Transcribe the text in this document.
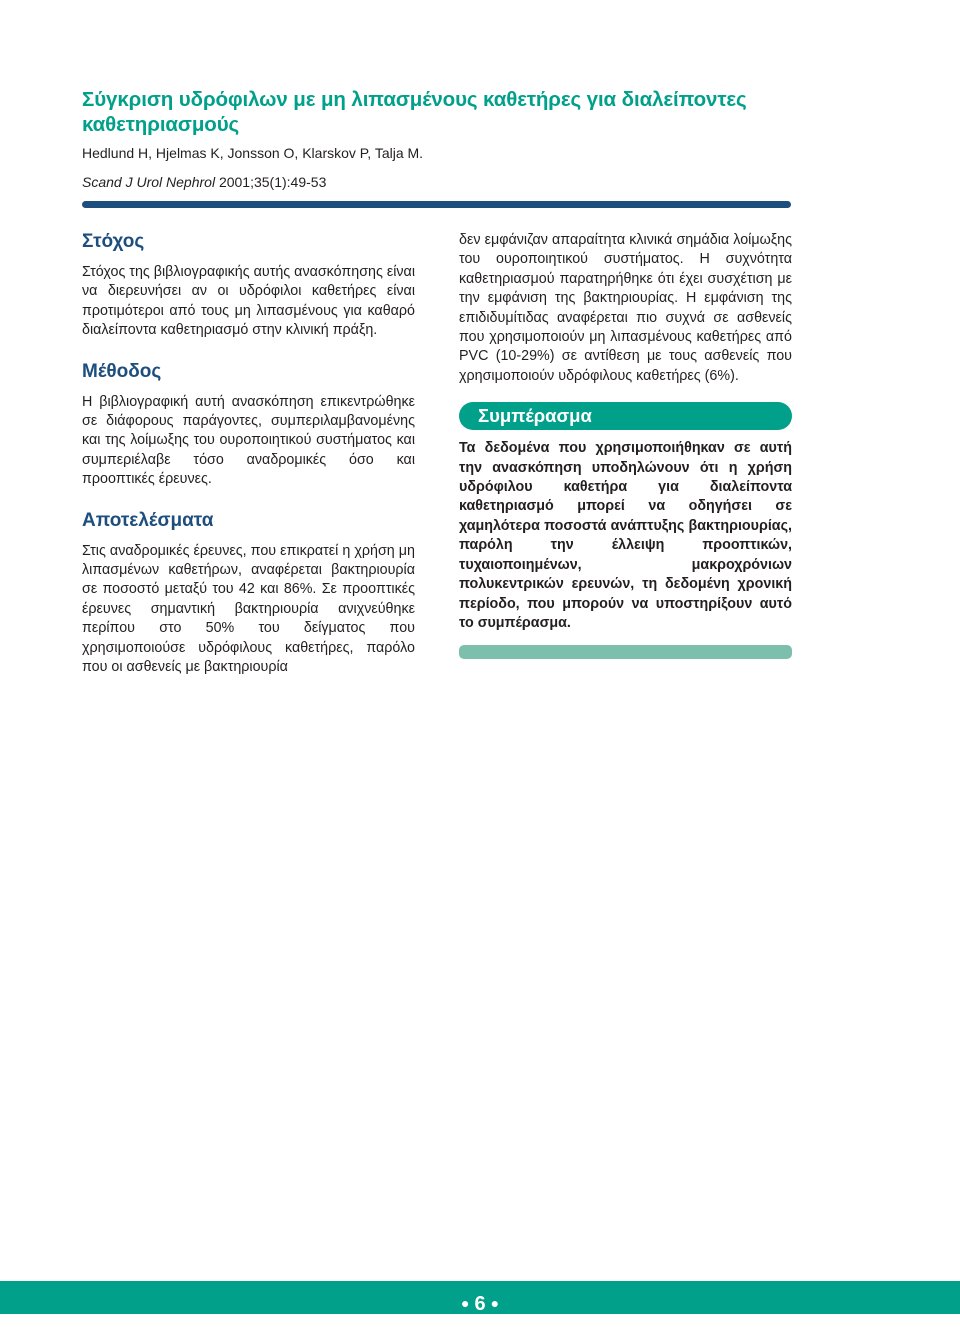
Σύγκριση υδρόφιλων με μη λιπασμένους καθετήρες για διαλείποντες καθετηριασμούς
Hedlund H, Hjelmas K, Jonsson O, Klarskov P, Talja M.
Scand J Urol Nephrol 2001;35(1):49-53
Στόχος

Στόχος της βιβλιογραφικής αυτής ανασκόπησης είναι να διερευνήσει αν οι υδρόφιλοι καθετήρες είναι προτιμότεροι από τους μη λιπασμένους για καθαρό διαλείποντα καθετηριασμό στην κλινική πράξη.

Μέθοδος

Η βιβλιογραφική αυτή ανασκόπηση επικεντρώθηκε σε διάφορους παράγοντες, συμπεριλαμβανομένης και της λοίμωξης του ουροποιητικού συστήματος και συμπεριέλαβε τόσο αναδρομικές όσο και προοπτικές έρευνες.

Αποτελέσματα

Στις αναδρομικές έρευνες, που επικρατεί η χρήση μη λιπασμένων καθετήρων, αναφέρεται βακτηριουρία σε ποσοστό μεταξύ του 42 και 86%. Σε προοπτικές έρευνες σημαντική βακτηριουρία ανιχνεύθηκε περίπου στο 50% του δείγματος που χρησιμοποιούσε υδρόφιλους καθετήρες, παρόλο που οι ασθενείς με βακτηριουρία

δεν εμφάνιζαν απαραίτητα κλινικά σημάδια λοίμωξης του ουροποιητικού συστήματος. Η συχνότητα καθετηριασμού παρατηρήθηκε ότι έχει συσχέτιση με την εμφάνιση της βακτηριουρίας. Η εμφάνιση της επιδιδυμίτιδας αναφέρεται πιο συχνά σε ασθενείς που χρησιμοποιούν μη λιπασμένους καθετήρες από PVC (10-29%) σε αντίθεση με τους ασθενείς που χρησιμοποιούν υδρόφιλους καθετήρες (6%).

Συμπέρασμα

Τα δεδομένα που χρησιμοποιήθηκαν σε αυτή την ανασκόπηση υποδηλώνουν ότι η χρήση υδρόφιλου καθετήρα για διαλείποντα καθετηριασμό μπορεί να οδηγήσει σε χαμηλότερα ποσοστά ανάπτυξης βακτηριουρίας, παρόλη την έλλειψη προοπτικών, τυχαιοποιημένων, μακροχρόνιων πολυκεντρικών ερευνών, τη δεδομένη χρονική περίοδο, που μπορούν να υποστηρίξουν αυτό το συμπέρασμα.

● 6 ●
